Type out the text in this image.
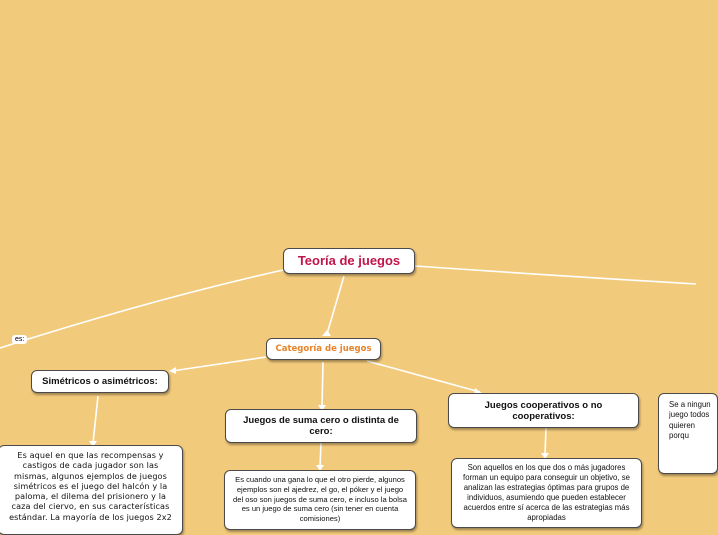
Teoría de juegos
es:
Categoría de juegos
Simétricos o asimétricos:
Juegos de suma cero o distinta de cero:
Juegos cooperativos o no cooperativos:
Es aquel en que las recompensas y castigos de cada jugador son las mismas, algunos ejemplos de juegos simétricos es el juego del halcón y la paloma, el dilema del prisionero y la caza del ciervo, en sus características estándar. La mayoría de los juegos 2x2
Es cuando una gana lo que el otro pierde, algunos ejemplos son el ajedrez, el go, el póker y el juego del oso son juegos de suma cero, e incluso la bolsa es un juego de suma cero (sin tener en cuenta comisiones)
Son aquellos en los que dos o más jugadores forman un equipo para conseguir un objetivo, se analizan las estrategias óptimas para grupos de individuos, asumiendo que pueden establecer acuerdos entre sí acerca de las estrategias más apropiadas
Se a ningun juego todos quieren porqu
